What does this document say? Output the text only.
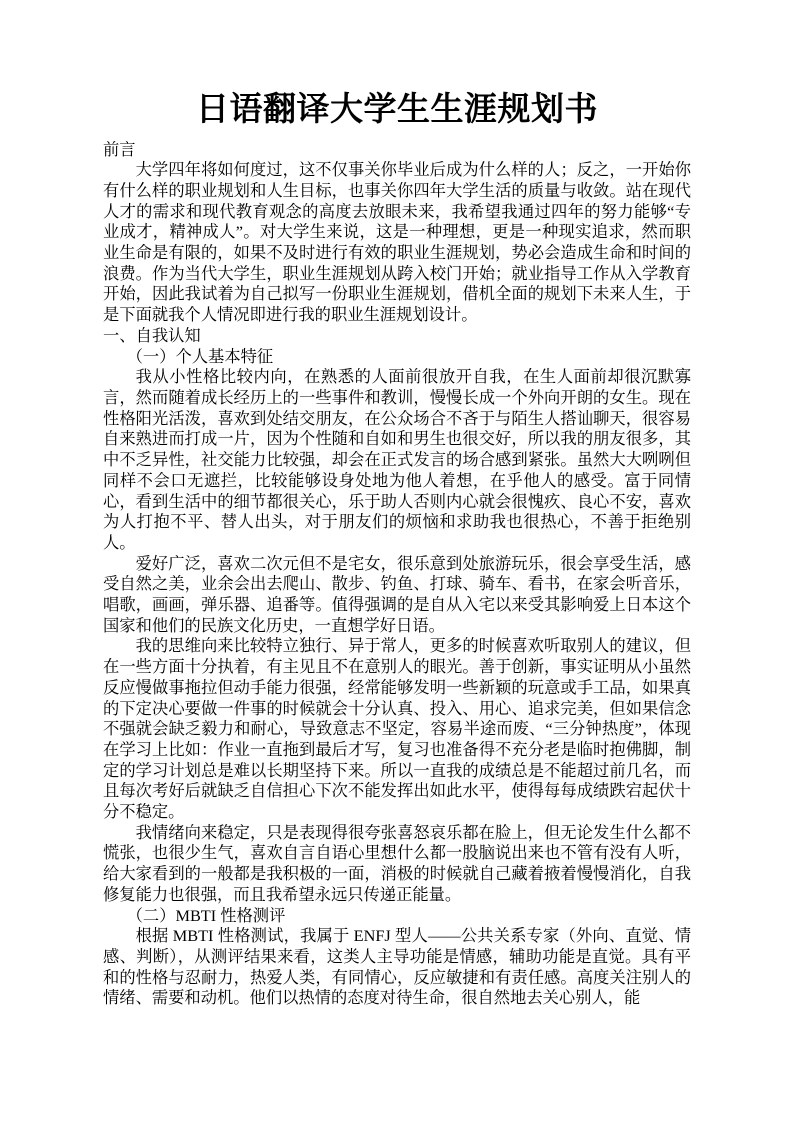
日语翻译大学生生涯规划书

前言

大学四年将如何度过，这不仅事关你毕业后成为什么样的人；反之，一开始你有什么样的职业规划和人生目标，也事关你四年大学生活的质量与收敛。站在现代人才的需求和现代教育观念的高度去放眼未来，我希望我通过四年的努力能够“专业成才，精神成人”。对大学生来说，这是一种理想，更是一种现实追求，然而职业生命是有限的，如果不及时进行有效的职业生涯规划，势必会造成生命和时间的浪费。作为当代大学生，职业生涯规划从跨入校门开始；就业指导工作从入学教育开始，因此我试着为自己拟写一份职业生涯规划，借机全面的规划下未来人生，于是下面就我个人情况即进行我的职业生涯规划设计。

一、自我认知

（一）个人基本特征

我从小性格比较内向，在熟悉的人面前很放开自我，在生人面前却很沉默寡言，然而随着成长经历上的一些事件和教训，慢慢长成一个外向开朗的女生。现在性格阳光活泼，喜欢到处结交朋友，在公众场合不吝于与陌生人搭讪聊天，很容易自来熟进而打成一片，因为个性随和自如和男生也很交好，所以我的朋友很多，其中不乏异性，社交能力比较强，却会在正式发言的场合感到紧张。虽然大大咧咧但同样不会口无遮拦，比较能够设身处地为他人着想，在乎他人的感受。富于同情心，看到生活中的细节都很关心，乐于助人否则内心就会很愧疚、良心不安，喜欢为人打抱不平、替人出头，对于朋友们的烦恼和求助我也很热心，不善于拒绝别人。

爱好广泛，喜欢二次元但不是宅女，很乐意到处旅游玩乐，很会享受生活，感受自然之美，业余会出去爬山、散步、钓鱼、打球、骑车、看书，在家会听音乐，唱歌，画画，弹乐器、追番等。值得强调的是自从入宅以来受其影响爱上日本这个国家和他们的民族文化历史，一直想学好日语。

我的思维向来比较特立独行、异于常人，更多的时候喜欢听取别人的建议，但在一些方面十分执着，有主见且不在意别人的眼光。善于创新，事实证明从小虽然反应慢做事拖拉但动手能力很强，经常能够发明一些新颖的玩意或手工品，如果真的下定决心要做一件事的时候就会十分认真、投入、用心、追求完美，但如果信念不强就会缺乏毅力和耐心，导致意志不坚定，容易半途而废、“三分钟热度”，体现在学习上比如：作业一直拖到最后才写，复习也准备得不充分老是临时抱佛脚，制定的学习计划总是难以长期坚持下来。所以一直我的成绩总是不能超过前几名，而且每次考好后就缺乏自信担心下次不能发挥出如此水平，使得每每成绩跌宕起伏十分不稳定。

我情绪向来稳定，只是表现得很夸张喜怒哀乐都在脸上，但无论发生什么都不慌张，也很少生气，喜欢自言自语心里想什么都一股脑说出来也不管有没有人听，给大家看到的一般都是我积极的一面，消极的时候就自己藏着掖着慢慢消化，自我修复能力也很强，而且我希望永远只传递正能量。

（二）MBTI 性格测评

根据 MBTI 性格测试，我属于 ENFJ 型人——公共关系专家（外向、直觉、情感、判断），从测评结果来看，这类人主导功能是情感，辅助功能是直觉。具有平和的性格与忍耐力，热爱人类，有同情心，反应敏捷和有责任感。高度关注别人的情绪、需要和动机。他们以热情的态度对待生命，很自然地去关心别人，能
